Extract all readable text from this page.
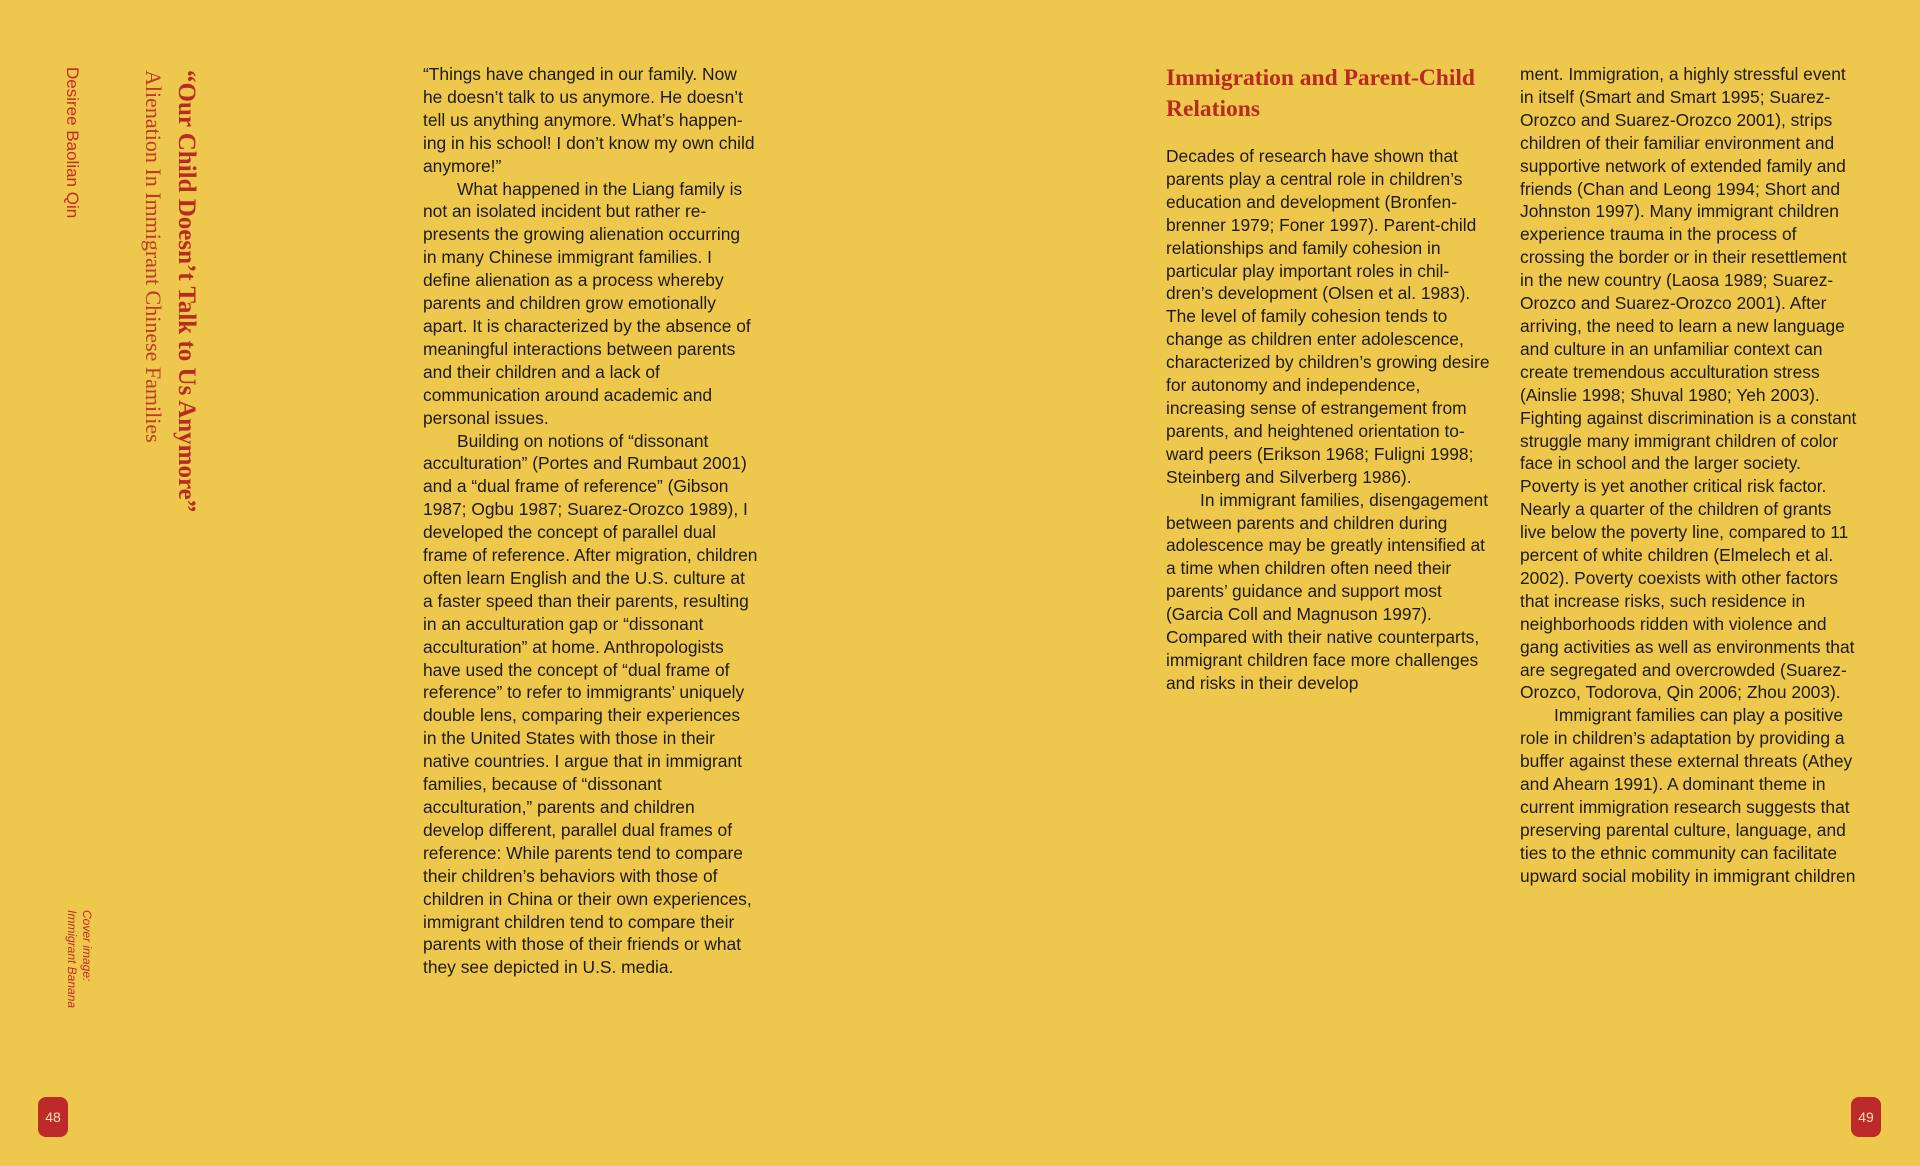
Desiree Baolian Qin	“Our Child Doesn’t Talk to Us Anymore”
Alienation In Immigrant Chinese Families
Cover image:
Immigrant Banana

“Things have changed in our family. Now he doesn’t talk to us anymore. He doesn’t tell us anything anymore. What’s happening in his school! I don’t know my own child anymore!”

What happened in the Liang family is not an isolated incident but rather represents the growing alienation occurring in many Chinese immigrant families. I define alienation as a process whereby parents and children grow emotionally apart. It is characterized by the absence of meaningful interactions between parents and their children and a lack of communication around academic and personal issues.

Building on notions of “dissonant acculturation” (Portes and Rumbaut 2001) and a “dual frame of reference” (Gibson 1987; Ogbu 1987; Suarez-Orozco 1989), I developed the concept of parallel dual frame of reference. After migration, children often learn English and the U.S. culture at a faster speed than their parents, resulting in an acculturation gap or “dissonant acculturation” at home. Anthropologists have used the concept of “dual frame of reference” to refer to immigrants’ uniquely double lens, comparing their experiences in the United States with those in their native countries. I argue that in immigrant families, because of “dissonant acculturation,” parents and children develop different, parallel dual frames of reference: While parents tend to compare their children’s behaviors with those of children in China or their own experiences, immigrant children tend to compare their parents with those of their friends or what they see depicted in U.S. media.

Immigration and Parent-Child Relations

Decades of research have shown that parents play a central role in children’s education and development (Bronfenbrenner 1979; Foner 1997). Parent-child relationships and family cohesion in particular play important roles in children’s development (Olsen et al. 1983). The level of family cohesion tends to change as children enter adolescence, characterized by children’s growing desire for autonomy and independence, increasing sense of estrangement from parents, and heightened orientation toward peers (Erikson 1968; Fuligni 1998; Steinberg and Silverberg 1986).

In immigrant families, disengagement between parents and children during adolescence may be greatly intensified at a time when children often need their parents’ guidance and support most (Garcia Coll and Magnuson 1997). Compared with their native counterparts, immigrant children face more challenges and risks in their develop

ment. Immigration, a highly stressful event in itself (Smart and Smart 1995; Suarez-Orozco and Suarez-Orozco 2001), strips children of their familiar environment and supportive network of extended family and friends (Chan and Leong 1994; Short and Johnston 1997). Many immigrant children experience trauma in the process of crossing the border or in their resettlement in the new country (Laosa 1989; Suarez-Orozco and Suarez-Orozco 2001). After arriving, the need to learn a new language and culture in an unfamiliar context can create tremendous acculturation stress (Ainslie 1998; Shuval 1980; Yeh 2003). Fighting against discrimination is a constant struggle many immigrant children of color face in school and the larger society. Poverty is yet another critical risk factor. Nearly a quarter of the children of grants live below the poverty line, compared to 11 percent of white children (Elmelech et al. 2002). Poverty coexists with other factors that increase risks, such residence in neighborhoods ridden with violence and gang activities as well as environments that are segregated and overcrowded (Suarez-Orozco, Todorova, Qin 2006; Zhou 2003).

Immigrant families can play a positive role in children’s adaptation by providing a buffer against these external threats (Athey and Ahearn 1991). A dominant theme in current immigration research suggests that preserving parental culture, language, and ties to the ethnic community can facilitate upward social mobility in immigrant children

48	49
